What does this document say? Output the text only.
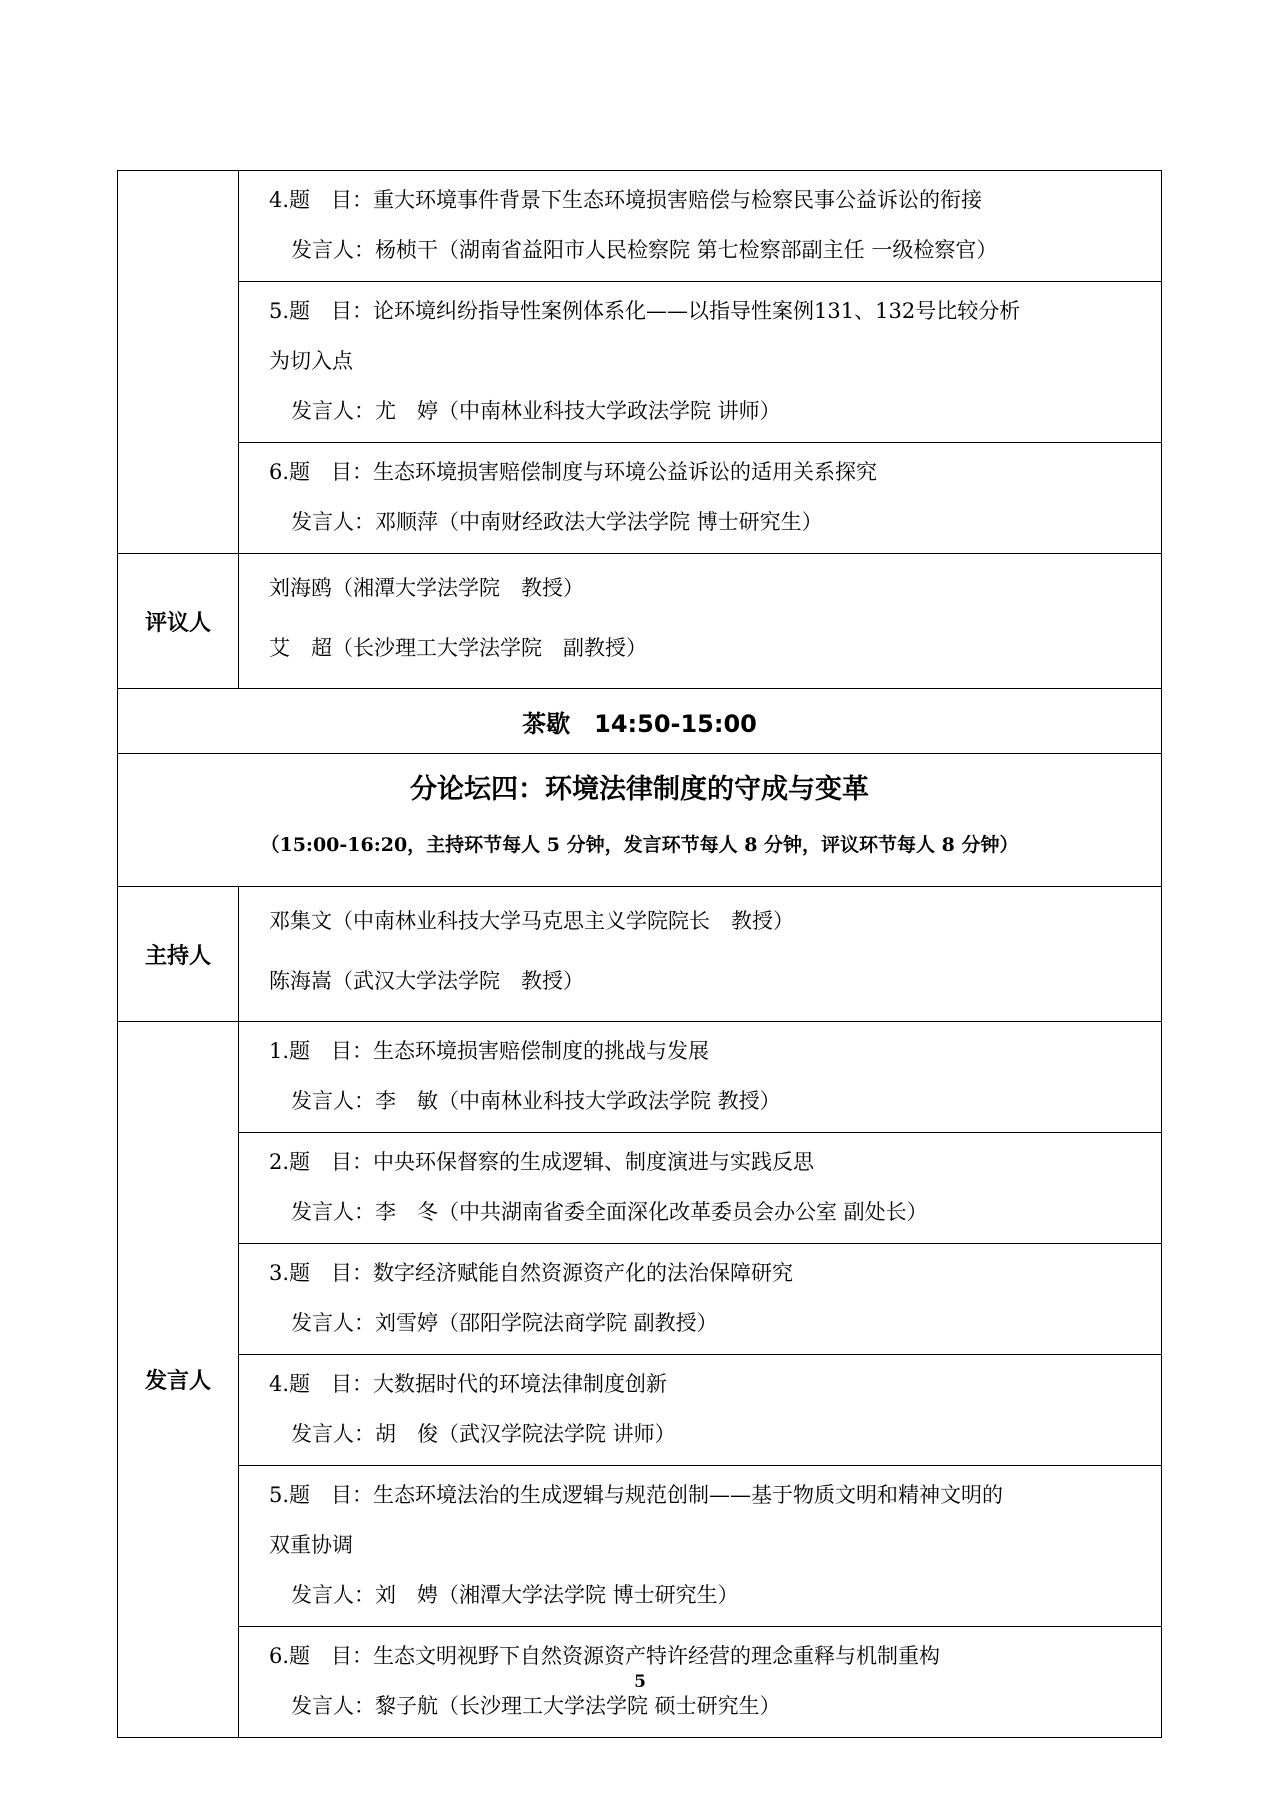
4.题　目：重大环境事件背景下生态环境损害赔偿与检察民事公益诉讼的衔接
发言人：杨桢干（湖南省益阳市人民检察院 第七检察部副主任 一级检察官）

5.题　目：论环境纠纷指导性案例体系化——以指导性案例131、132号比较分析
为切入点
发言人：尤　婷（中南林业科技大学政法学院 讲师）

6.题　目：生态环境损害赔偿制度与环境公益诉讼的适用关系探究
发言人：邓顺萍（中南财经政法大学法学院 博士研究生）

评议人	
刘海鸥（湘潭大学法学院　教授）
艾　超（长沙理工大学法学院　副教授）

茶歇　14:50-15:00

分论坛四：环境法律制度的守成与变革
（15:00-16:20，主持环节每人 5 分钟，发言环节每人 8 分钟，评议环节每人 8 分钟）

主持人	
邓集文（中南林业科技大学马克思主义学院院长　教授）
陈海嵩（武汉大学法学院　教授）

发言人	
1.题　目：生态环境损害赔偿制度的挑战与发展
发言人：李　敏（中南林业科技大学政法学院 教授）

2.题　目：中央环保督察的生成逻辑、制度演进与实践反思
发言人：李　冬（中共湖南省委全面深化改革委员会办公室 副处长）

3.题　目：数字经济赋能自然资源资产化的法治保障研究
发言人：刘雪婷（邵阳学院法商学院 副教授）

4.题　目：大数据时代的环境法律制度创新
发言人：胡　俊（武汉学院法学院 讲师）

5.题　目：生态环境法治的生成逻辑与规范创制——基于物质文明和精神文明的
双重协调
发言人：刘　娉（湘潭大学法学院 博士研究生）

6.题　目：生态文明视野下自然资源资产特许经营的理念重释与机制重构
发言人：黎子航（长沙理工大学法学院 硕士研究生）
5
